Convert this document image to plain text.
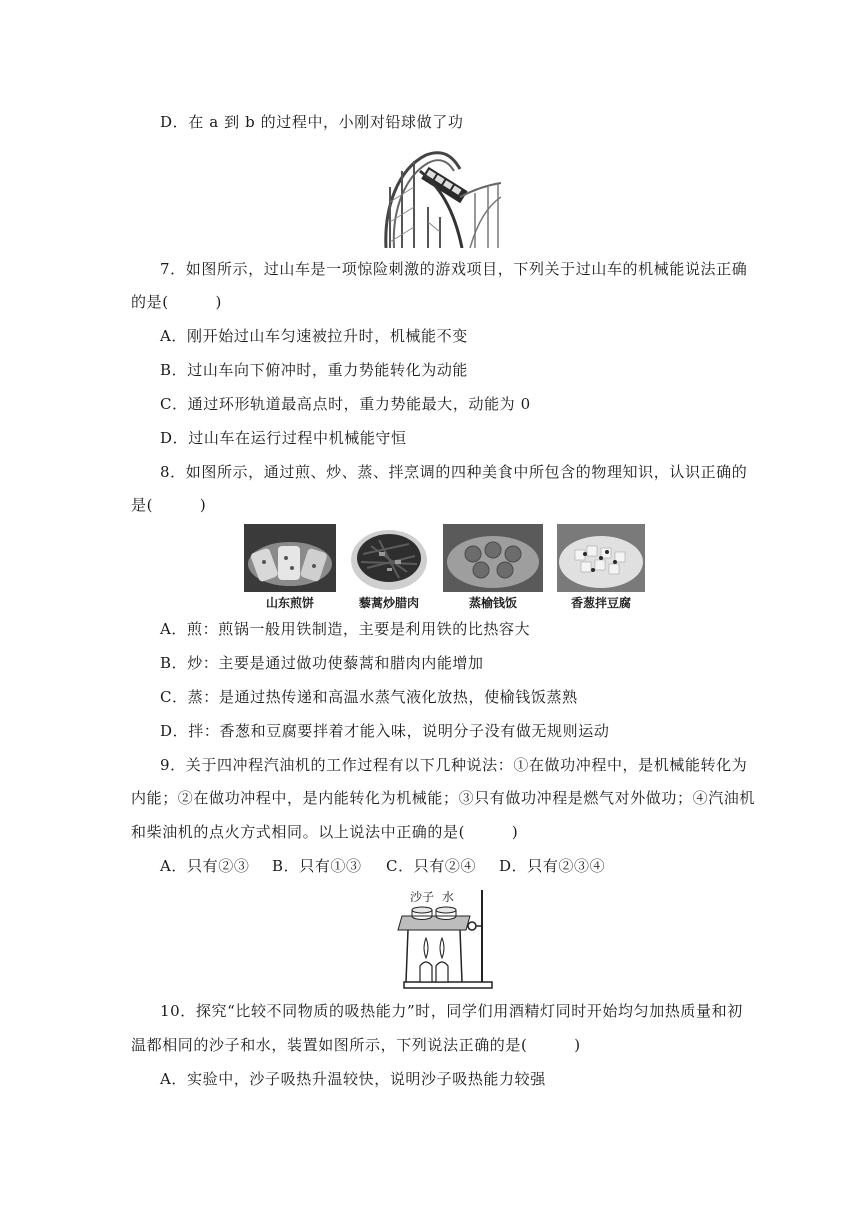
D．在 a 到 b 的过程中，小刚对铅球做了功
7．如图所示，过山车是一项惊险刺激的游戏项目，下列关于过山车的机械能说法正确
的是(　　　)
A．刚开始过山车匀速被拉升时，机械能不变
B．过山车向下俯冲时，重力势能转化为动能
C．通过环形轨道最高点时，重力势能最大，动能为 0
D．过山车在运行过程中机械能守恒
8．如图所示，通过煎、炒、蒸、拌烹调的四种美食中所包含的物理知识，认识正确的
是(　　　)
山东煎饼	藜蒿炒腊肉	蒸榆钱饭	香葱拌豆腐
A．煎：煎锅一般用铁制造，主要是利用铁的比热容大
B．炒：主要是通过做功使藜蒿和腊肉内能增加
C．蒸：是通过热传递和高温水蒸气液化放热，使榆钱饭蒸熟
D．拌：香葱和豆腐要拌着才能入味，说明分子没有做无规则运动
9．关于四冲程汽油机的工作过程有以下几种说法：①在做功冲程中，是机械能转化为
内能；②在做功冲程中，是内能转化为机械能；③只有做功冲程是燃气对外做功；④汽油机
和柴油机的点火方式相同。以上说法中正确的是(　　　)
A．只有②③ B．只有①③ C．只有②④ D．只有②③④
沙子 水
10．探究“比较不同物质的吸热能力”时，同学们用酒精灯同时开始均匀加热质量和初
温都相同的沙子和水，装置如图所示，下列说法正确的是(　　　)
A．实验中，沙子吸热升温较快，说明沙子吸热能力较强
